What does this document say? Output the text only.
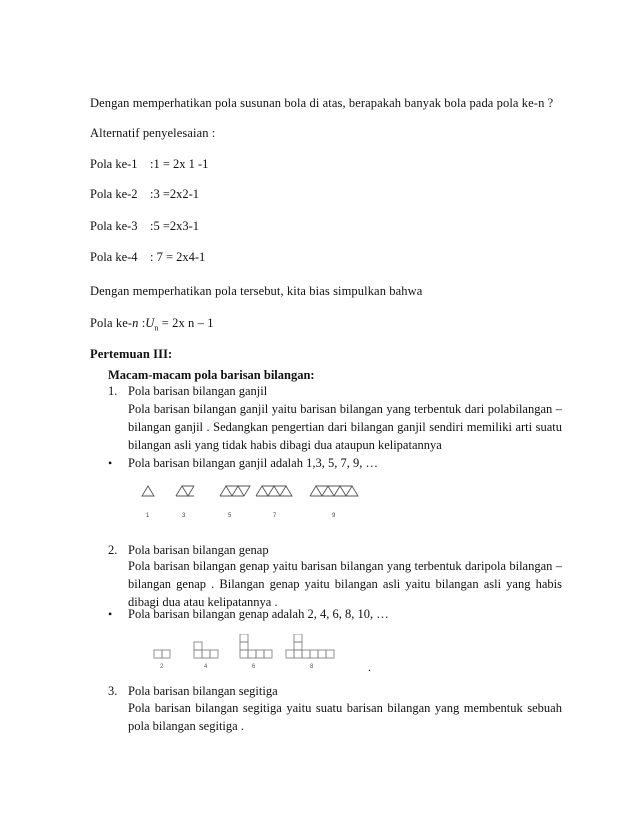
Dengan memperhatikan pola susunan bola di atas, berapakah banyak bola pada pola ke-n ?
Alternatif penyelesaian :
Pola ke-1 :1 = 2x 1 -1
Pola ke-2 :3 =2x2-1
Pola ke-3 :5 =2x3-1
Pola ke-4 : 7 = 2x4-1
Dengan memperhatikan pola tersebut, kita bias simpulkan bahwa
Pola ke-n $:U_n = 2x$ n – 1
Pertemuan III:
Macam-macam pola barisan bilangan:
1. Pola barisan bilangan ganjil
Pola barisan bilangan ganjil yaitu barisan bilangan yang terbentuk dari polabilangan –
bilangan ganjil . Sedangkan pengertian dari bilangan ganjil sendiri memiliki arti suatu
bilangan asli yang tidak habis dibagi dua ataupun kelipatannya
• Pola barisan bilangan ganjil adalah 1,3, 5, 7, 9, …
1	3	5	7	9
2. Pola barisan bilangan genap
Pola barisan bilangan genap yaitu barisan bilangan yang terbentuk daripola bilangan –
bilangan genap . Bilangan genap yaitu bilangan asli yaitu bilangan asli yang habis
dibagi dua atau kelipatannya .
• Pola barisan bilangan genap adalah 2, 4, 6, 8, 10, …
2	4	6	8	.
3. Pola barisan bilangan segitiga
Pola barisan bilangan segitiga yaitu suatu barisan bilangan yang membentuk sebuah
pola bilangan segitiga .
